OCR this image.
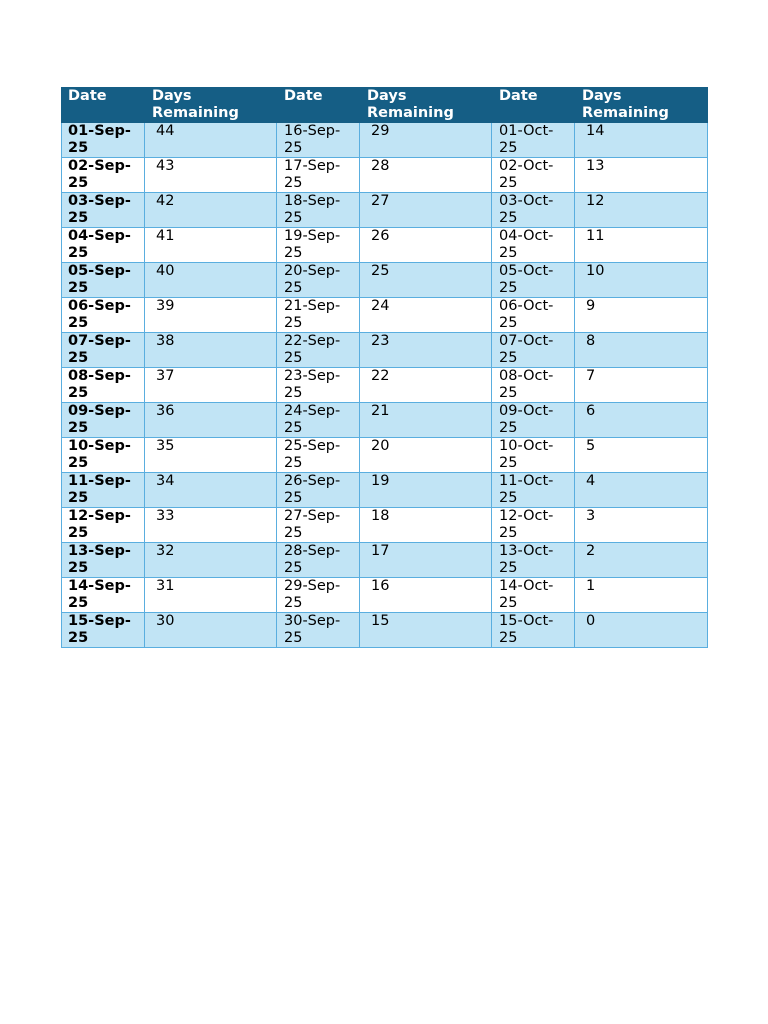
Date	Days Remaining	Date	Days Remaining	Date	Days Remaining
01-Sep-25	44	16-Sep-25	29	01-Oct-25	14
02-Sep-25	43	17-Sep-25	28	02-Oct-25	13
03-Sep-25	42	18-Sep-25	27	03-Oct-25	12
04-Sep-25	41	19-Sep-25	26	04-Oct-25	11
05-Sep-25	40	20-Sep-25	25	05-Oct-25	10
06-Sep-25	39	21-Sep-25	24	06-Oct-25	9
07-Sep-25	38	22-Sep-25	23	07-Oct-25	8
08-Sep-25	37	23-Sep-25	22	08-Oct-25	7
09-Sep-25	36	24-Sep-25	21	09-Oct-25	6
10-Sep-25	35	25-Sep-25	20	10-Oct-25	5
11-Sep-25	34	26-Sep-25	19	11-Oct-25	4
12-Sep-25	33	27-Sep-25	18	12-Oct-25	3
13-Sep-25	32	28-Sep-25	17	13-Oct-25	2
14-Sep-25	31	29-Sep-25	16	14-Oct-25	1
15-Sep-25	30	30-Sep-25	15	15-Oct-25	0
